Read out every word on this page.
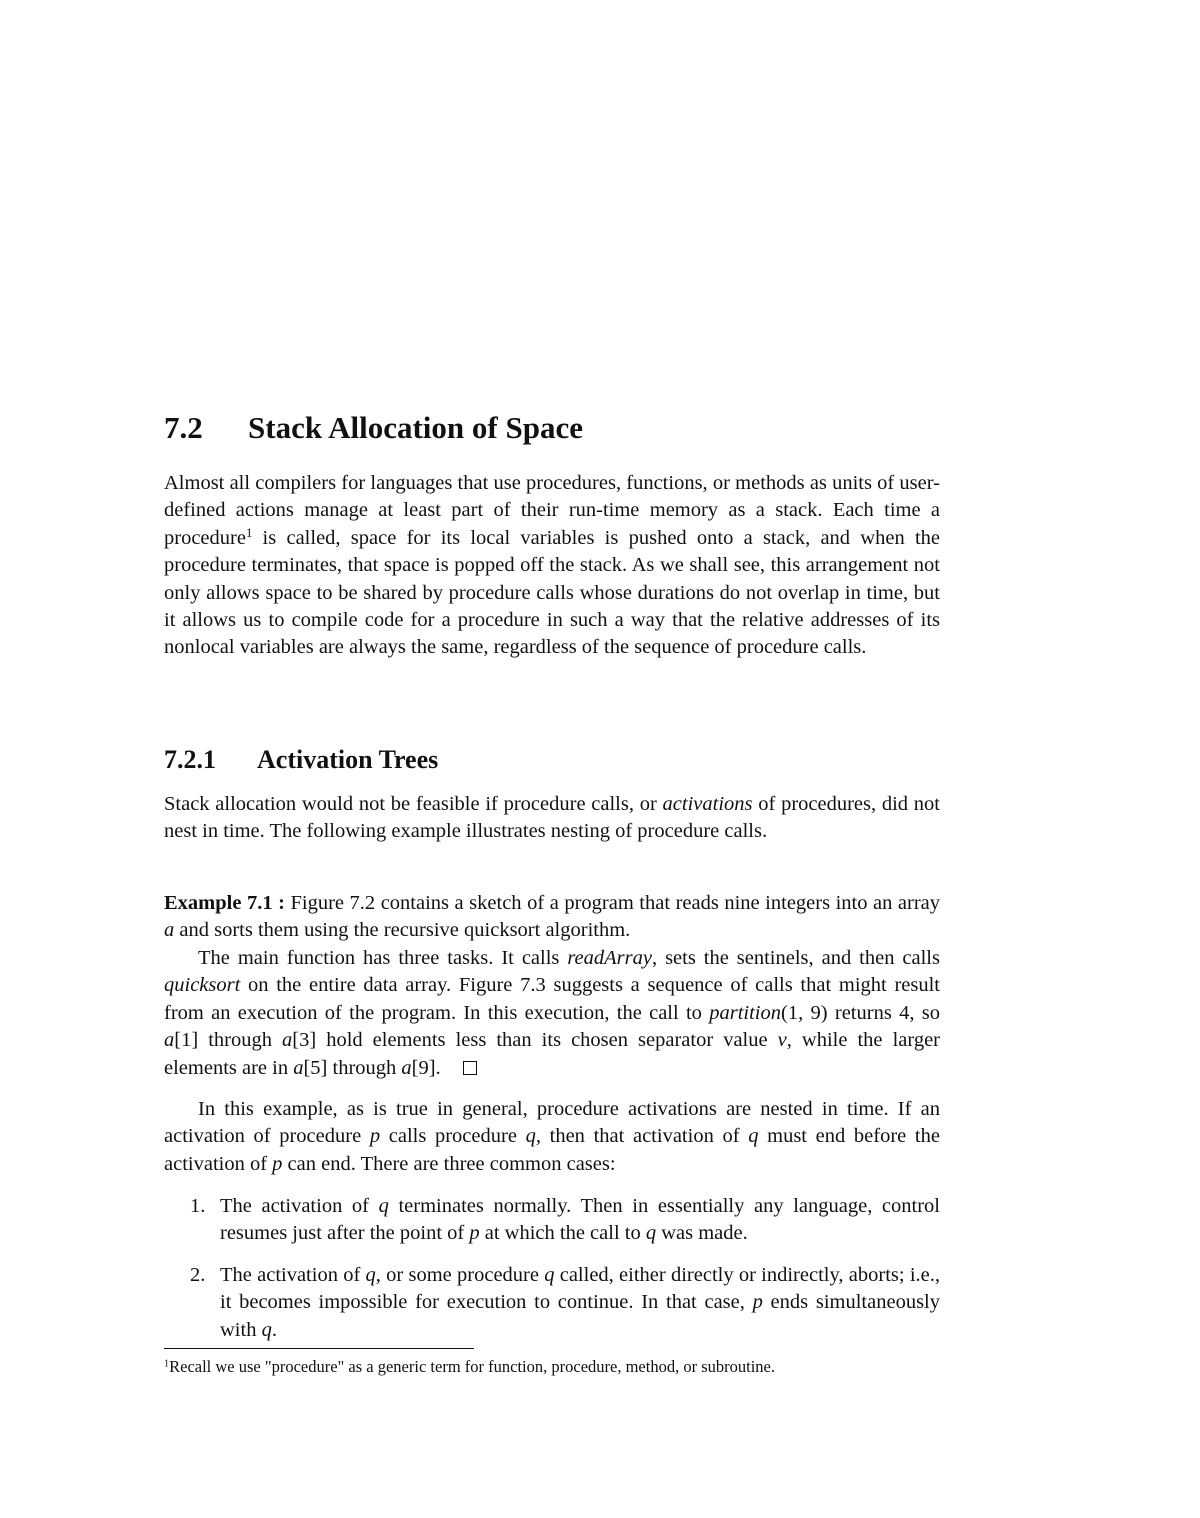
7.2 Stack Allocation of Space

Almost all compilers for languages that use procedures, functions, or methods as units of user-defined actions manage at least part of their run-time memory as a stack. Each time a procedure$^1$ is called, space for its local variables is pushed onto a stack, and when the procedure terminates, that space is popped off the stack. As we shall see, this arrangement not only allows space to be shared by procedure calls whose durations do not overlap in time, but it allows us to compile code for a procedure in such a way that the relative addresses of its nonlocal variables are always the same, regardless of the sequence of procedure calls.

7.2.1 Activation Trees

Stack allocation would not be feasible if procedure calls, or activations of procedures, did not nest in time. The following example illustrates nesting of procedure calls.

Example 7.1 : Figure 7.2 contains a sketch of a program that reads nine integers into an array a and sorts them using the recursive quicksort algorithm.

The main function has three tasks. It calls readArray, sets the sentinels, and then calls quicksort on the entire data array. Figure 7.3 suggests a sequence of calls that might result from an execution of the program. In this execution, the call to partition(1, 9) returns 4, so a[1] through a[3] hold elements less than its chosen separator value v, while the larger elements are in a[5] through a[9].

In this example, as is true in general, procedure activations are nested in time. If an activation of procedure p calls procedure q, then that activation of q must end before the activation of p can end. There are three common cases:

1. The activation of q terminates normally. Then in essentially any language, control resumes just after the point of p at which the call to q was made.
2. The activation of q, or some procedure q called, either directly or indirectly, aborts; i.e., it becomes impossible for execution to continue. In that case, p ends simultaneously with q.

$^1$Recall we use "procedure" as a generic term for function, procedure, method, or subroutine.
